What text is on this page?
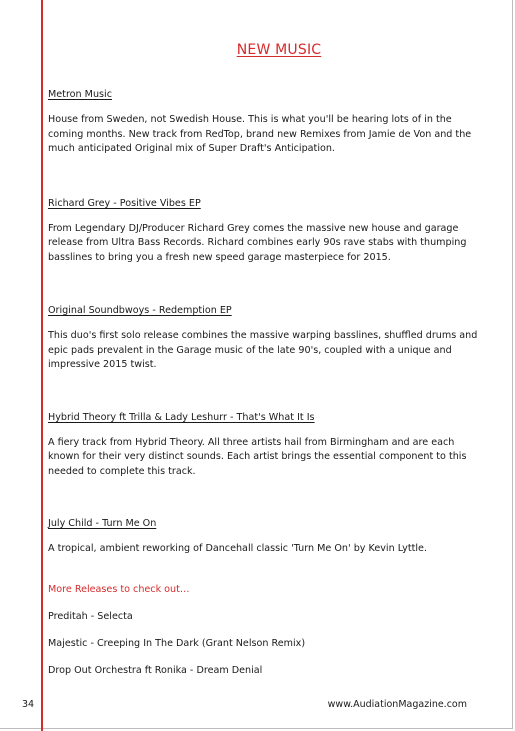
NEW MUSIC

Metron Music

House from Sweden, not Swedish House. This is what you'll be hearing lots of in the coming months. New track from RedTop, brand new Remixes from Jamie de Von and the much anticipated Original mix of Super Draft's Anticipation.

Richard Grey - Positive Vibes EP

From Legendary DJ/Producer Richard Grey comes the massive new house and garage release from Ultra Bass Records. Richard combines early 90s rave stabs with thumping basslines to bring you a fresh new speed garage masterpiece for 2015.

Original Soundbwoys - Redemption EP

This duo's first solo release combines the massive warping basslines, shuffled drums and epic pads prevalent in the Garage music of the late 90's, coupled with a unique and impressive 2015 twist.

Hybrid Theory ft Trilla & Lady Leshurr - That's What It Is

A fiery track from Hybrid Theory. All three artists hail from Birmingham and are each known for their very distinct sounds. Each artist brings the essential component to this needed to complete this track.

July Child - Turn Me On

A tropical, ambient reworking of Dancehall classic 'Turn Me On' by Kevin Lyttle.

More Releases to check out…

Preditah - Selecta

Majestic - Creeping In The Dark (Grant Nelson Remix)

Drop Out Orchestra ft Ronika - Dream Denial

34	www.AudiationMagazine.com
